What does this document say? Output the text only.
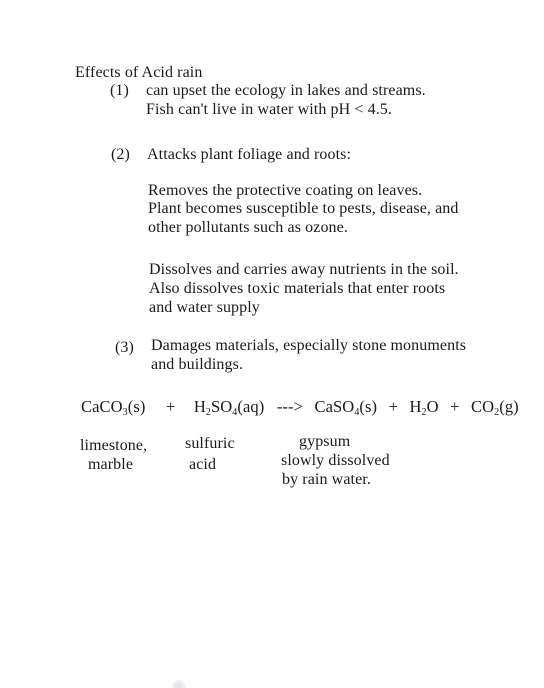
Effects of Acid rain
(1) can upset the ecology in lakes and streams.
Fish can't live in water with pH < 4.5.
(2) Attacks plant foliage and roots:
Removes the protective coating on leaves.
Plant becomes susceptible to pests, disease, and
other pollutants such as ozone.
Dissolves and carries away nutrients in the soil.
Also dissolves toxic materials that enter roots
and water supply
(3) Damages materials, especially stone monuments
and buildings.
CaCO$_3$(s) + $H_2SO_4(aq)$ ---> CaSO$_4$(s) + $H_2O + CO_2(g)$
limestone,
marble
sulfuric
acid
gypsum
slowly dissolved
by rain water.
